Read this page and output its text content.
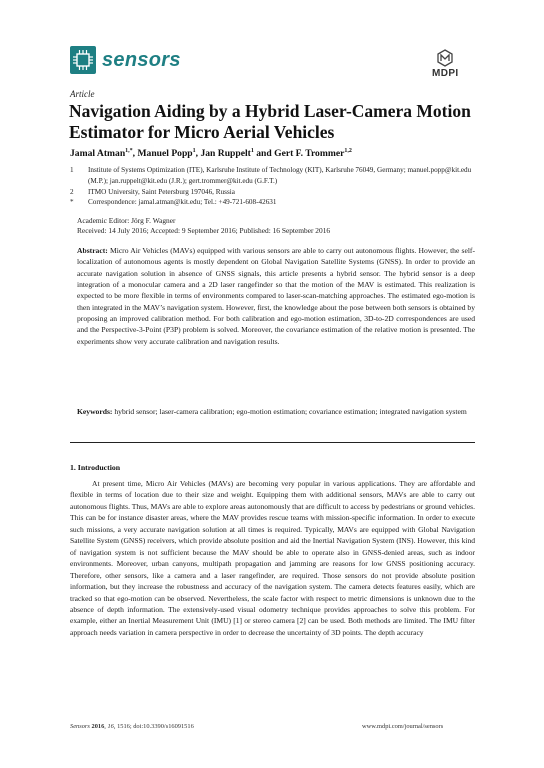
sensors
MDPI
Article
Navigation Aiding by a Hybrid Laser-Camera Motion Estimator for Micro Aerial Vehicles
Jamal Atman$^{1,*}$, Manuel Popp$^1$, Jan Ruppelt$^1$ and Gert F. Trommer$^{1,2}$
1	Institute of Systems Optimization (ITE), Karlsruhe Institute of Technology (KIT), Karlsruhe 76049, Germany; manuel.popp@kit.edu (M.P.); jan.ruppelt@kit.edu (J.R.); gert.trommer@kit.edu (G.F.T.)
2	ITMO University, Saint Petersburg 197046, Russia
*	Correspondence: jamal.atman@kit.edu; Tel.: +49-721-608-42631
Academic Editor: Jörg F. Wagner
Received: 14 July 2016; Accepted: 9 September 2016; Published: 16 September 2016

Abstract: Micro Air Vehicles (MAVs) equipped with various sensors are able to carry out autonomous flights. However, the self-localization of autonomous agents is mostly dependent on Global Navigation Satellite Systems (GNSS). In order to provide an accurate navigation solution in absence of GNSS signals, this article presents a hybrid sensor. The hybrid sensor is a deep integration of a monocular camera and a 2D laser rangefinder so that the motion of the MAV is estimated. This realization is expected to be more flexible in terms of environments compared to laser-scan-matching approaches. The estimated ego-motion is then integrated in the MAV’s navigation system. However, first, the knowledge about the pose between both sensors is obtained by proposing an improved calibration method. For both calibration and ego-motion estimation, 3D-to-2D correspondences are used and the Perspective-3-Point (P3P) problem is solved. Moreover, the covariance estimation of the relative motion is presented. The experiments show very accurate calibration and navigation results.

Keywords: hybrid sensor; laser-camera calibration; ego-motion estimation; covariance estimation; integrated navigation system

1. Introduction

At present time, Micro Air Vehicles (MAVs) are becoming very popular in various applications. They are affordable and flexible in terms of location due to their size and weight. Equipping them with additional sensors, MAVs are able to carry out autonomous flights. Thus, MAVs are able to explore areas autonomously that are difficult to access by pedestrians or ground vehicles. This can be for instance disaster areas, where the MAV provides rescue teams with mission-specific information. In order to execute such missions, a very accurate navigation solution at all times is required. Typically, MAVs are equipped with Global Navigation Satellite System (GNSS) receivers, which provide absolute position and aid the Inertial Navigation System (INS). However, this kind of navigation system is not sufficient because the MAV should be able to operate also in GNSS-denied areas, such as indoor environments. Moreover, urban canyons, multipath propagation and jamming are reasons for low GNSS positioning accuracy. Therefore, other sensors, like a camera and a laser rangefinder, are required. Those sensors do not provide absolute position information, but they increase the robustness and accuracy of the navigation system. The camera detects features easily, which are tracked so that ego-motion can be observed. Nevertheless, the scale factor with respect to metric dimensions is unknown due to the absence of depth information. The extensively-used visual odometry technique provides approaches to solve this problem. For example, either an Inertial Measurement Unit (IMU) [1] or stereo camera [2] can be used. Both methods are limited. The IMU filter approach needs variation in camera perspective in order to decrease the uncertainty of 3D points. The depth accuracy

Sensors 2016, 16, 1516; doi:10.3390/s16091516	www.mdpi.com/journal/sensors
